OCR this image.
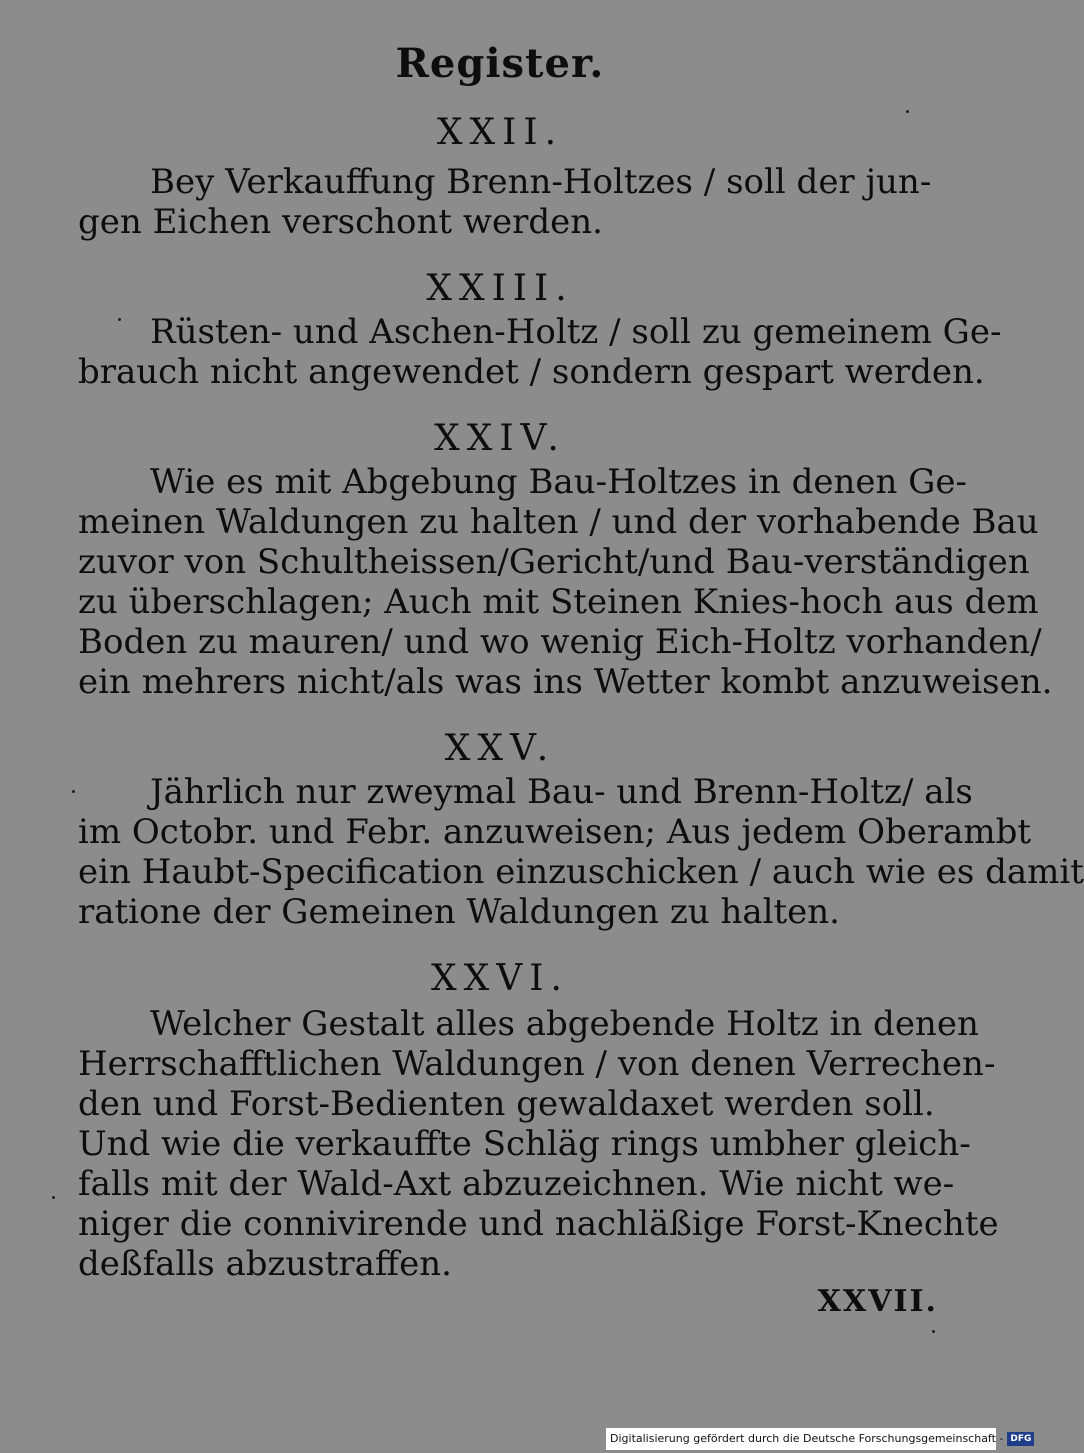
Register.
XXII.
Bey Verkauffung Brenn-Holtzes / soll der jun-
gen Eichen verschont werden.
XXIII.
Rüsten- und Aschen-Holtz / soll zu gemeinem Ge-
brauch nicht angewendet / sondern gespart werden.
XXIV.
Wie es mit Abgebung Bau-Holtzes in denen Ge-
meinen Waldungen zu halten / und der vorhabende Bau
zuvor von Schultheissen/Gericht/und Bau-verständigen
zu überschlagen; Auch mit Steinen Knies-hoch aus dem
Boden zu mauren/ und wo wenig Eich-Holtz vorhanden/
ein mehrers nicht/als was ins Wetter kombt anzuweisen.
XXV.
Jährlich nur zweymal Bau- und Brenn-Holtz/ als
im Octobr. und Febr. anzuweisen; Aus jedem Oberambt
ein Haubt-Specification einzuschicken / auch wie es damit
ratione der Gemeinen Waldungen zu halten.
XXVI.
Welcher Gestalt alles abgebende Holtz in denen
Herrschafftlichen Waldungen / von denen Verrechen-
den und Forst-Bedienten gewaldaxet werden soll.
Und wie die verkauffte Schläg rings umbher gleich-
falls mit der Wald-Axt abzuzeichnen. Wie nicht we-
niger die connivirende und nachläßige Forst-Knechte
deßfalls abzustraffen.
XXVII.
Digitalisierung gefördert durch die Deutsche Forschungsgemeinschaft - DFG
